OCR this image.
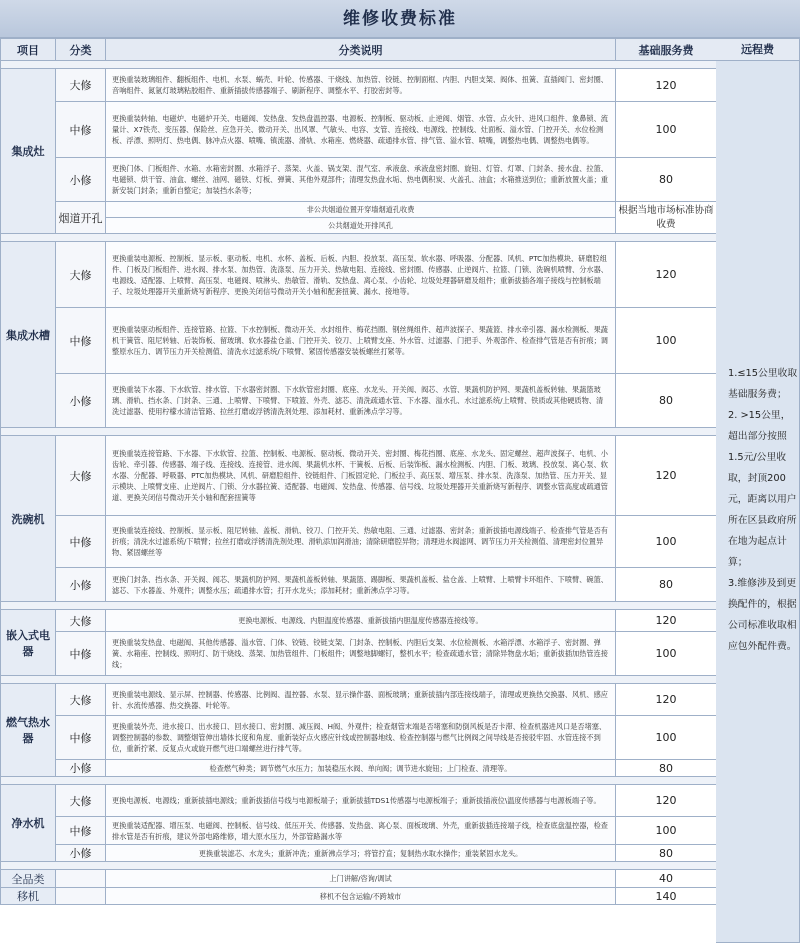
维修收费标准
项目	分类	分类说明	基础服务费

集成灶	大修	更换重装玻璃组件、翻板组件、电机、水泵、蜗壳、叶轮、传感器、干烧线、加热管、铰链、控制面框、内胆、内胆支架、阀体、扭簧、直插阀门、密封圈、音响组件、氮氩灯玻璃粘胶组件、重新插拔传感器端子、刷新程序、调整水平、打胶密封等。	120
	中修	更换重装转轴、电磁炉、电磁炉开关、电磁阀、发热盘、发热盘温控器、电源板、控制板、驱动板、止逆阀、烟管、水管、点火针、进风口组件、象鼻锁、流量计、X7铁壳、变压器、保险丝、应急开关、微动开关、出风罩、气敏头、电容、支管、连接线、电源线、控制线、灶面板、溢水管、门控开关、水位检测板、浮漂、照明灯、热电偶、脉冲点火器、喷嘴、镇流器、滑轨、水箱座、燃烧器、疏通排水管、排气管、溢水管、喷嘴，调整热电偶、调整热电偶等。	100
	小修	更换门体、门板组件、水箱、水箱密封圈、水箱浮子、蒸架、火盖、锅支架、混气室、承液盘、承液盘密封圈、旋钮、灯管、灯罩、门封条、接水盘、拉篮、电磁锁、烘干管、油盒、螺丝、油网、磁铁、灯板、弹簧、其他外观部件；清理发热盘水垢、热电偶积炭、火盖孔、油盒；水箱推送到位；重新放置火盖；重新安装门封条；重新自整定；加装挡水条等；	80
	烟道开孔	非公共烟道位置开穿墙烟道孔收费	根据当地市场标准协商收费
		公共烟道处开排风孔	

集成水槽	大修	更换重装电源板、控制板、显示板、驱动板、电机、水杯、盖板、后板、内胆、投放泵、高压泵、软水器、呼吸器、分配器、风机、PTC加热模块、研磨腔组件、门板及门板组件、进水阀、排水泵、加热管、洗涤泵、压力开关、热敏电阻、连接线、密封圈、传感器、止逆阀片、拉篮、门锁、洗碗机喷臂、分水器、电源线、适配器、上喷臂、高压泵、电磁阀、喷淋头、热敏管、滑轨、发热盘、离心泵、小齿轮、垃圾处理器研磨及组件；重新拔插各端子接线与控制板端子、垃圾处理器开关重新烧写新程序、更换关闭信号微动开关小轴和配套扭簧、漏水、接地等。	120
	中修	更换重装驱动板组件、连接管路、拉篮、下水控制板、微动开关、水封组件、梅花挡圈、钢丝绳组件、超声波探子、果蔬篮、排水牵引器、漏水检测板、果蔬机干簧管、阻尼转轴、后装饰板、留玻璃、软水器盐仓盖、门控开关、铰刀、上喷臂支座、外水管、过滤器、门把手、外观部件、检查排气管是否有折痕；调整原水压力、调节压力开关检测值、清洗水过滤系统/下喷臂、紧固传感器安装板螺丝打紧等。	100
	小修	更换重装下水器、下水软管、排水管、下水器密封圈、下水软管密封圈、底座、水龙头、开关阀、阀芯、水管、果蔬机防护网、果蔬机盖板转轴、果蔬篮玻璃、滑轨、挡水条、门封条、三通、上喷臂、下喷臂、下喷篮、外壳、滤芯、清洗疏通水管、下水器、溢水孔、水过滤系统/上喷臂、铁质或其他硬质物、清洗过滤器、使用柠檬水清洁管路、拉丝打磨或浮锈清洗剂处理、添加耗材、重新沸点学习等。	80

洗碗机	大修	更换重装连接管路、下水器、下水软管、拉篮、控制板、电源板、驱动板、微动开关、密封圈、梅花挡圈、底座、水龙头、固定螺丝、超声波探子、电机、小齿轮、牵引器、传感器、端子线、连接线、连接管、进水阀、果蔬机水杯、干簧板、后板、后装饰板、漏水检测板、内胆、门板、玻璃、投放泵、离心泵、软水器、分配器、呼吸器、PTC加热模块、风机、研磨腔组件、铰链组件、门板固定轮、门板拉手、高压泵、增压泵、排水泵、洗涤泵、加热管、压力开关、显示模块、上喷臂支座、止逆阀片、门锁、分水器拉簧、适配器、电磁阀、发热盘、传感器、信号线、垃圾处理器开关重新烧写新程序、调整水管高度或疏通管道、更换关闭信号微动开关小轴和配套扭簧等	120
	中修	更换重装连接线、控制板、显示板、阻尼转轴、盖板、滑轨、铰刀、门控开关、热敏电阻、三通、过滤器、密封条；重新拔插电源线端子、检查排气管是否有折痕；清洗水过滤系统/下喷臂；拉丝打磨或浮锈清洗剂处理、滑轨添加润滑油；清除研磨腔异物；清理进水阀滤网、调节压力开关检测值、清理密封位置异物、紧固螺丝等	100
	小修	更换门封条、挡水条、开关阀、阀芯、果蔬机防护网、果蔬机盖板转轴、果蔬篮、踢脚板、果蔬机盖板、盐仓盖、上喷臂、上喷臂卡环组件、下喷臂、碗篮、滤芯、下水器盖、外观件；调整水压；疏通排水管；打开水龙头；添加耗材；重新沸点学习等。	80

嵌入式电器	大修	更换电源板、电源线、内胆温度传感器、重新拔插内胆温度传感器连接线等。	120
	中修	更换重装发热盘、电磁阀、其他传感器、溢水管、门体、铰链、铰链支架、门封条、控制板、内胆后支架、水位检测板、水箱浮漂、水箱浮子、密封圈、弹簧、水箱座、控制线、照明灯、防干烧线、蒸架、加热管组件、门板组件；调整地脚螺钉，整机水平；检查疏通水管；清除异物盘水垢；重新拔插加热管连接线；	100

燃气热水器	大修	更换重装电源线、显示屏、控制器、传感器、比例阀、温控器、水泵、显示操作器、面板玻璃；重新拔插内部连接线端子，清理或更换热交换器、风机、感应针、水流传感器、热交换器、叶轮等。	120
	中修	更换重装外壳、进水接口、出水接口、回水接口、密封圈、减压阀、H阀、外观件；检查烟管末端是否堵塞和防倒风板是否卡滞、检查机器进风口是否堵塞、调整控制器的参数、调整烟管伸出墙体长度和角度、重新装好点火感应针线或控制器地线、检查控制器与燃气比例阀之间导线是否接驳牢固、水管连接不到位，重新拧紧、反复点火或旋开燃气进口端螺丝进行排气等。	100
	小修	检查燃气种类；调节燃气水压力；加装稳压水阀、单向阀；调节进水旋钮；上门检查、清理等。	80

净水机	大修	更换电源板、电源线；重新拔插电源线；重新拔插信号线与电源板端子；重新拔插TDS1传感器与电源板端子；重新拔插液位\温度传感器与电源板端子等。	120
	中修	更换重装适配器、增压泵、电磁阀、控制板、信号线、低压开关、传感器、发热盘、离心泵、面板玻璃、外壳，重新拔插连接端子线，检查底盘温控器，检查排水管是否有折痕，建议外部电路维修，增大原水压力，外部管路漏水等	100
	小修	更换重装滤芯、水龙头；重新冲洗；重新沸点学习；将管拧直；复制热水取水操作；重装紧固水龙头。	80

全品类		上门讲解/咨询/调试	40
移机		移机不包含运输/不跨城市	140
远程费

1.≤15公里收取基础服务费；

2. >15公里，超出部分按照1.5元/公里收取，封顶200元，距离以用户所在区县政府所在地为起点计算；

3.维修涉及到更换配件的，根据公司标准收取相应包外配件费。
